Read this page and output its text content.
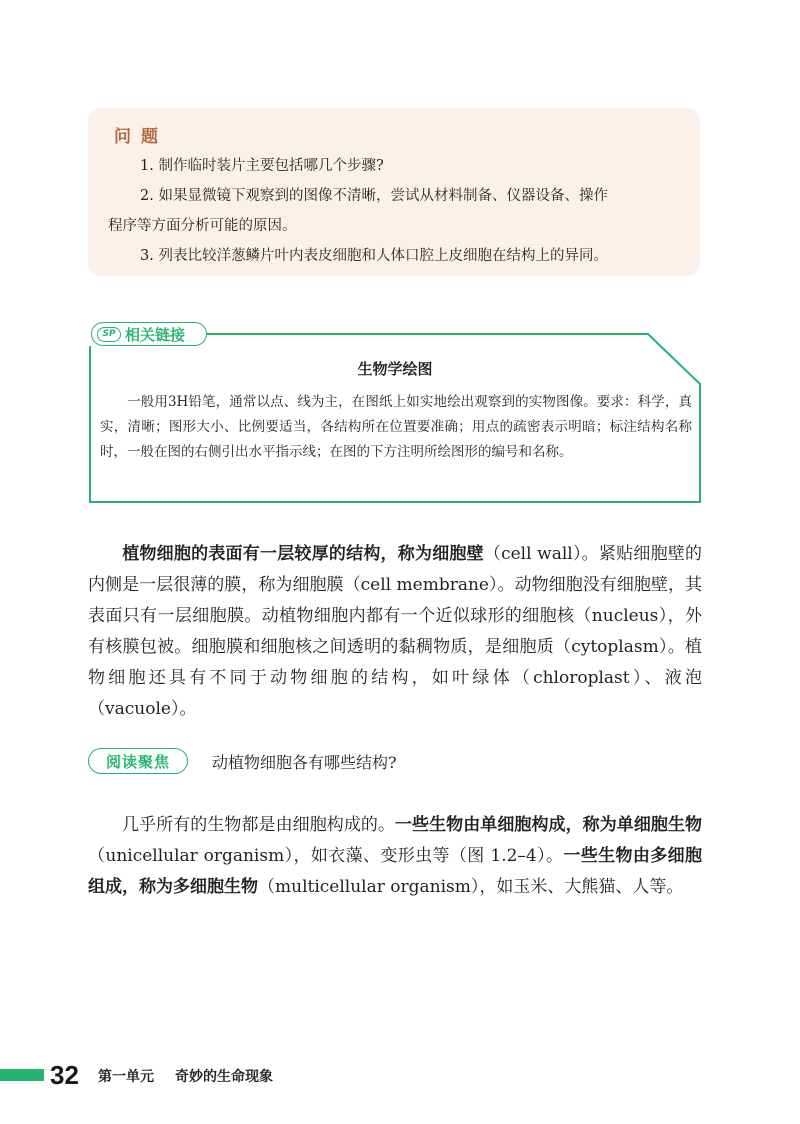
问题
1. 制作临时装片主要包括哪几个步骤?
2. 如果显微镜下观察到的图像不清晰，尝试从材料制备、仪器设备、操作
程序等方面分析可能的原因。
3. 列表比较洋葱鳞片叶内表皮细胞和人体口腔上皮细胞在结构上的异同。
SP 相关链接
生物学绘图
一般用3H铅笔，通常以点、线为主，在图纸上如实地绘出观察到的实物图像。要求：科学，真实，清晰；图形大小、比例要适当，各结构所在位置要准确；用点的疏密表示明暗；标注结构名称时，一般在图的右侧引出水平指示线；在图的下方注明所绘图形的编号和名称。
植物细胞的表面有一层较厚的结构，称为细胞壁（cell wall）。紧贴细胞壁的内侧是一层很薄的膜，称为细胞膜（cell membrane）。动物细胞没有细胞壁，其表面只有一层细胞膜。动植物细胞内都有一个近似球形的细胞核（nucleus），外有核膜包被。细胞膜和细胞核之间透明的黏稠物质，是细胞质（cytoplasm）。植物细胞还具有不同于动物细胞的结构，如叶绿体（chloroplast）、液泡（vacuole）。
阅读聚焦	动植物细胞各有哪些结构?
几乎所有的生物都是由细胞构成的。一些生物由单细胞构成，称为单细胞生物（unicellular organism），如衣藻、变形虫等（图 1.2–4）。一些生物由多细胞组成，称为多细胞生物（multicellular organism），如玉米、大熊猫、人等。
32 第一单元 奇妙的生命现象
